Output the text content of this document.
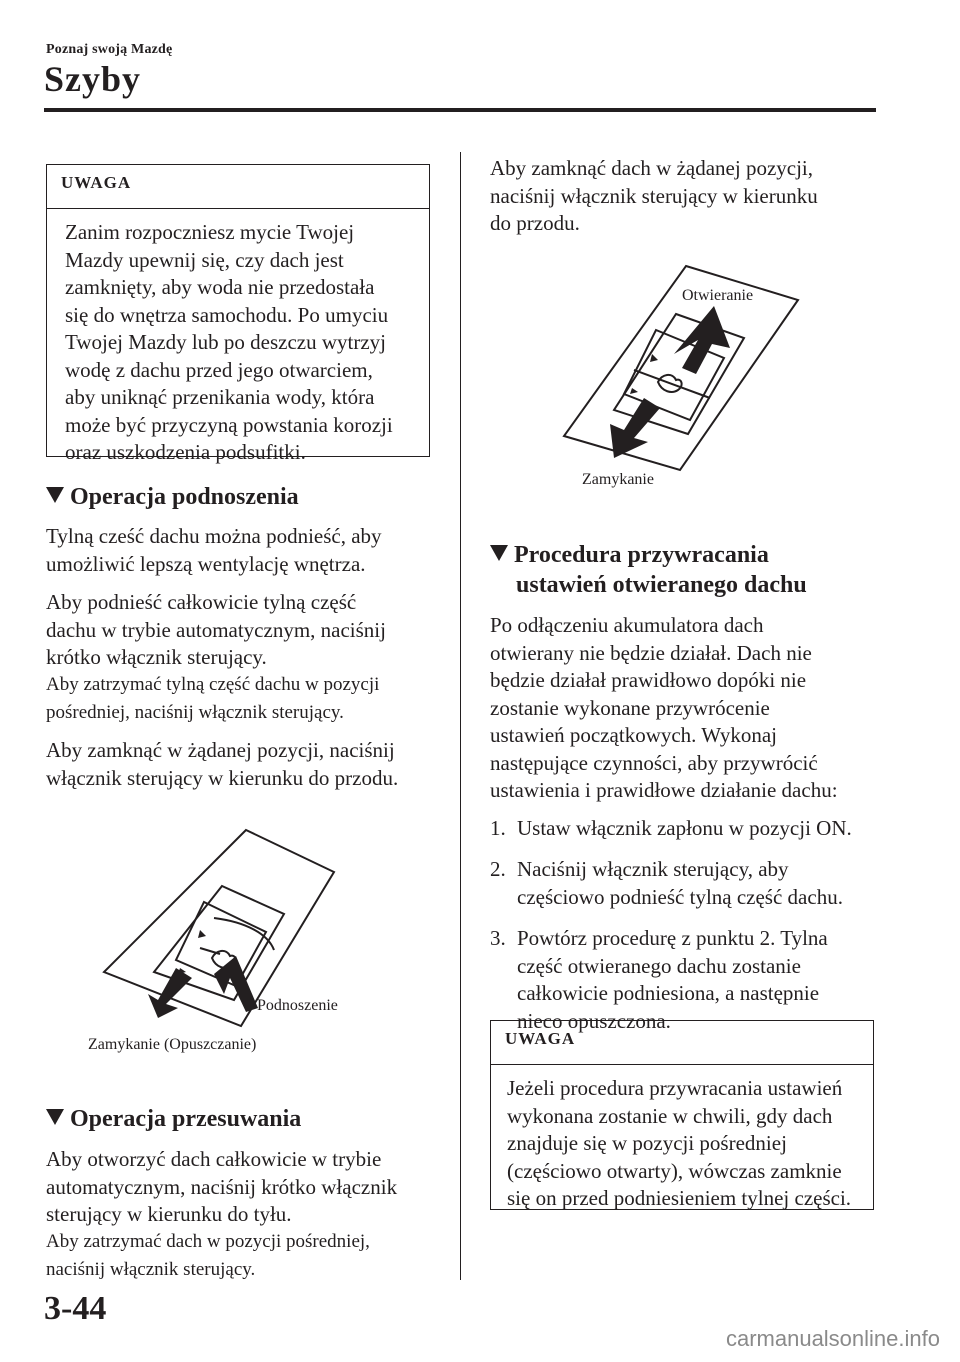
Poznaj swoją Mazdę
Szyby
UWAGA
Zanim rozpoczniesz mycie Twojej
Mazdy upewnij się, czy dach jest
zamknięty, aby woda nie przedostała
się do wnętrza samochodu. Po umyciu
Twojej Mazdy lub po deszczu wytrzyj
wodę z dachu przed jego otwarciem,
aby uniknąć przenikania wody, która
może być przyczyną powstania korozji
oraz uszkodzenia podsufitki.
Operacja podnoszenia
Tylną cześć dachu można podnieść, aby
umożliwić lepszą wentylację wnętrza.
Aby podnieść całkowicie tylną część
dachu w trybie automatycznym, naciśnij
krótko włącznik sterujący.
Aby zatrzymać tylną część dachu w pozycji
pośredniej, naciśnij włącznik sterujący.
Aby zamknąć w żądanej pozycji, naciśnij
włącznik sterujący w kierunku do przodu.
Podnoszenie
Zamykanie (Opuszczanie)
Operacja przesuwania
Aby otworzyć dach całkowicie w trybie
automatycznym, naciśnij krótko włącznik
sterujący w kierunku do tyłu.
Aby zatrzymać dach w pozycji pośredniej,
naciśnij włącznik sterujący.
Aby zamknąć dach w żądanej pozycji,
naciśnij włącznik sterujący w kierunku
do przodu.
Otwieranie
Zamykanie
Procedura przywracania
ustawień otwieranego dachu
Po odłączeniu akumulatora dach
otwierany nie będzie działał. Dach nie
będzie działał prawidłowo dopóki nie
zostanie wykonane przywrócenie
ustawień początkowych. Wykonaj
następujące czynności, aby przywrócić
ustawienia i prawidłowe działanie dachu:
1. Ustaw włącznik zapłonu w pozycji ON.
2. Naciśnij włącznik sterujący, aby
częściowo podnieść tylną część dachu.
3. Powtórz procedurę z punktu 2. Tylna
część otwieranego dachu zostanie
całkowicie podniesiona, a następnie
nieco opuszczona.
UWAGA
Jeżeli procedura przywracania ustawień
wykonana zostanie w chwili, gdy dach
znajduje się w pozycji pośredniej
(częściowo otwarty), wówczas zamknie
się on przed podniesieniem tylnej części.
3-44
carmanualsonline.info
